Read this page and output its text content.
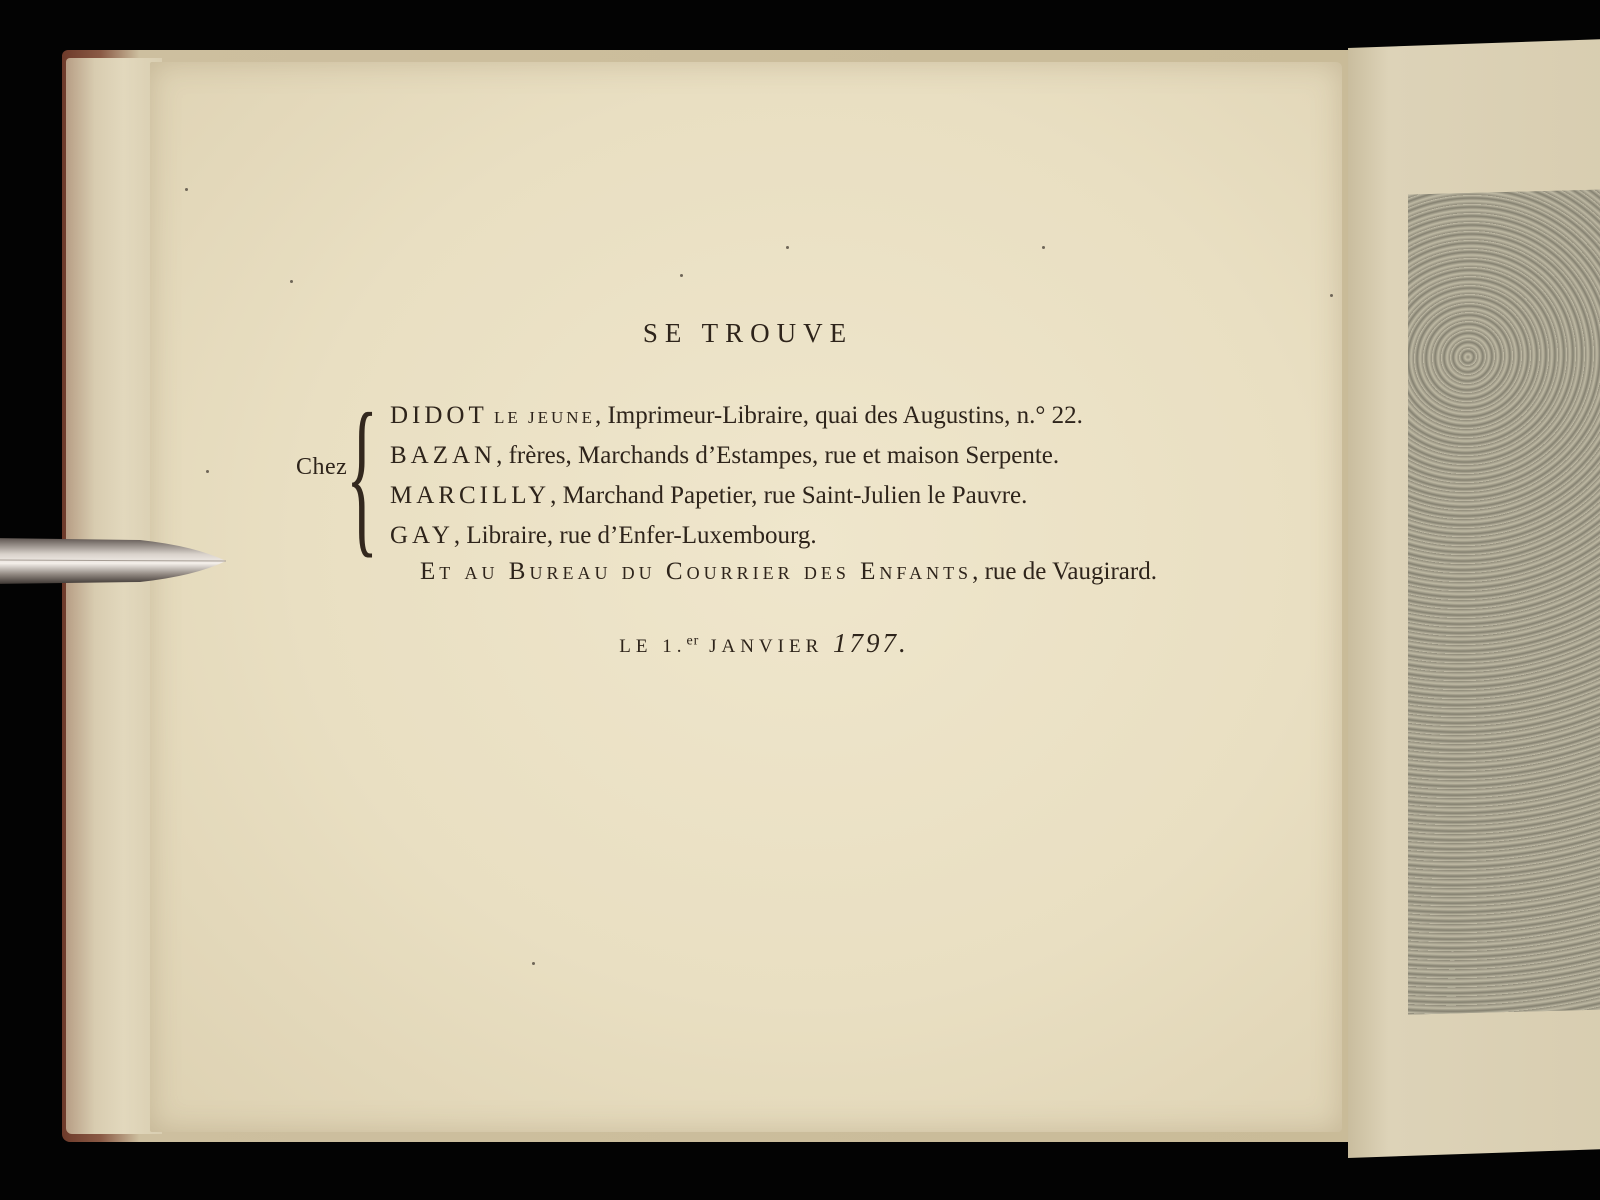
SE TROUVE
Chez
{ DIDOT LE JEUNE, Imprimeur-Libraire, quai des Augustins, n.° 22.
BAZAN, frères, Marchands d’Estampes, rue et maison Serpente.
MARCILLY, Marchand Papetier, rue Saint-Julien le Pauvre.
GAY, Libraire, rue d’Enfer-Luxembourg.
Et au Bureau du Courrier des Enfants, rue de Vaugirard.
LE 1.$^{er}$ JANVIER 1797.
